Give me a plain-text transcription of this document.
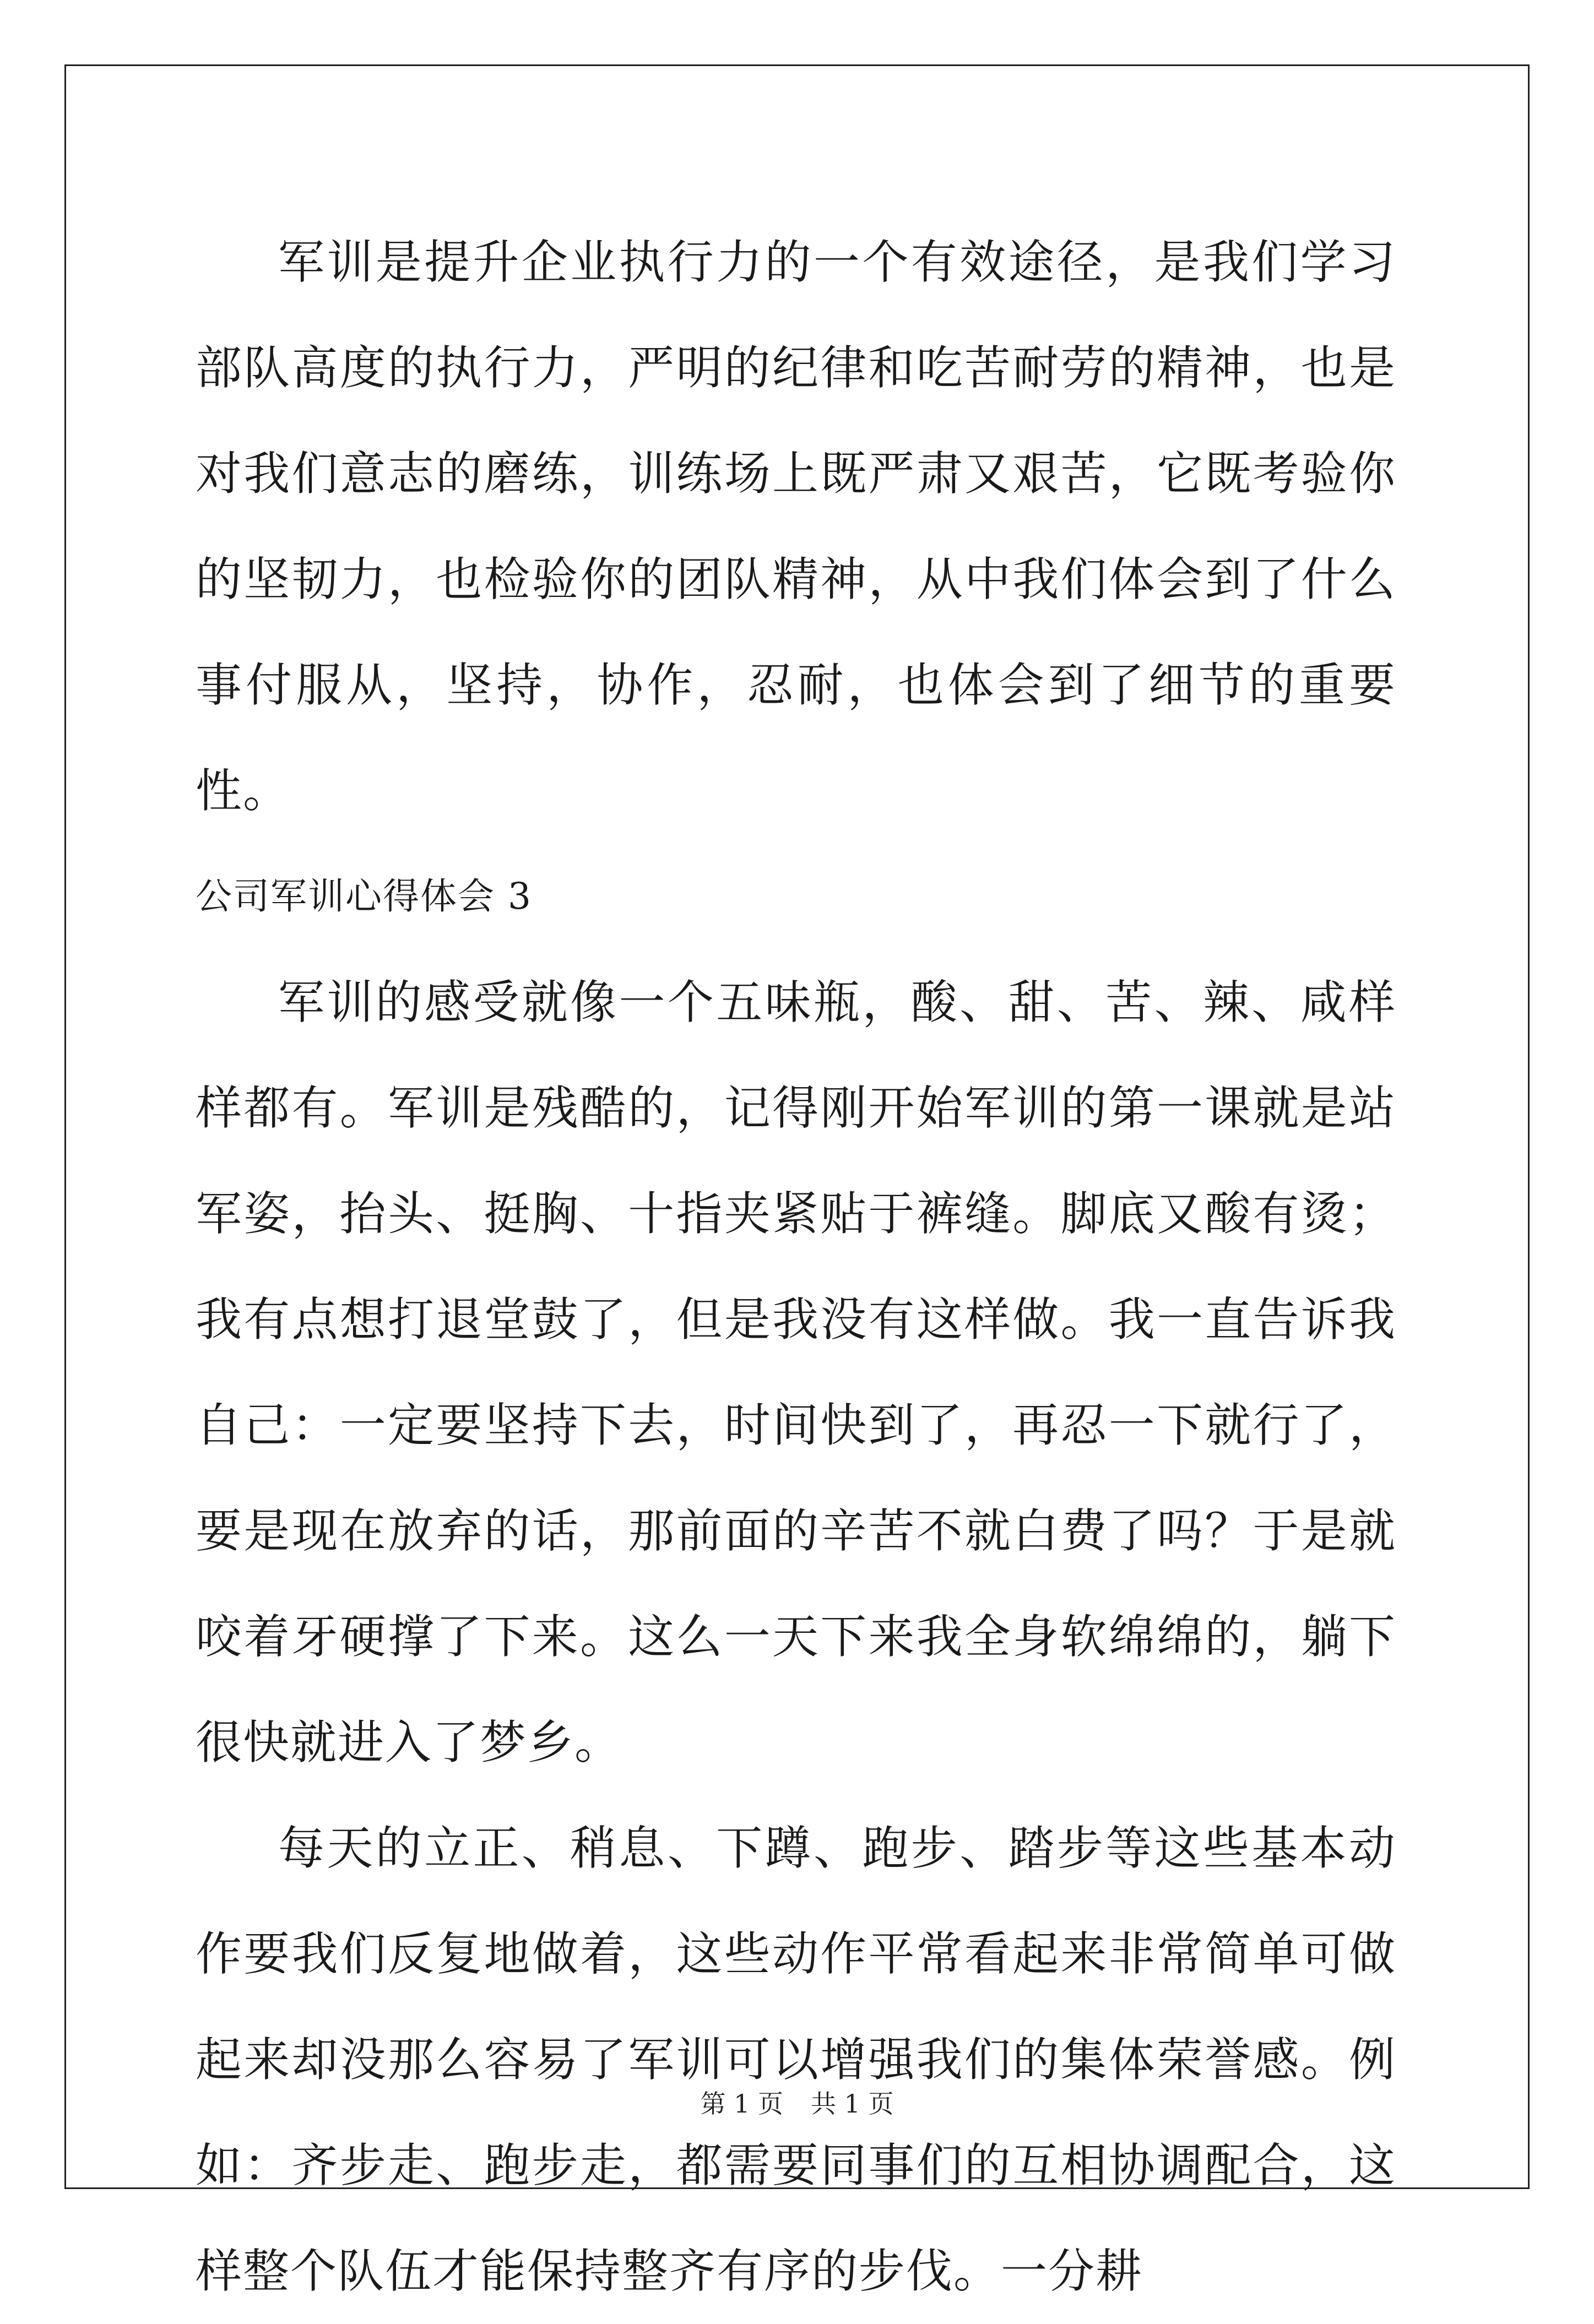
军训是提升企业执行力的一个有效途径，是我们学习部队高度的执行力，严明的纪律和吃苦耐劳的精神，也是对我们意志的磨练，训练场上既严肃又艰苦，它既考验你的坚韧力，也检验你的团队精神，从中我们体会到了什么事付服从，坚持，协作，忍耐，也体会到了细节的重要性。

公司军训心得体会 3

军训的感受就像一个五味瓶，酸、甜、苦、辣、咸样样都有。军训是残酷的，记得刚开始军训的第一课就是站军姿，抬头、挺胸、十指夹紧贴于裤缝。脚底又酸有烫；我有点想打退堂鼓了，但是我没有这样做。我一直告诉我自己：一定要坚持下去，时间快到了，再忍一下就行了，要是现在放弃的话，那前面的辛苦不就白费了吗？于是就咬着牙硬撑了下来。这么一天下来我全身软绵绵的，躺下很快就进入了梦乡。

每天的立正、稍息、下蹲、跑步、踏步等这些基本动作要我们反复地做着，这些动作平常看起来非常简单可做起来却没那么容易了军训可以增强我们的集体荣誉感。例如：齐步走、跑步走，都需要同事们的互相协调配合，这样整个队伍才能保持整齐有序的步伐。一分耕

第 1 页 共 1 页
